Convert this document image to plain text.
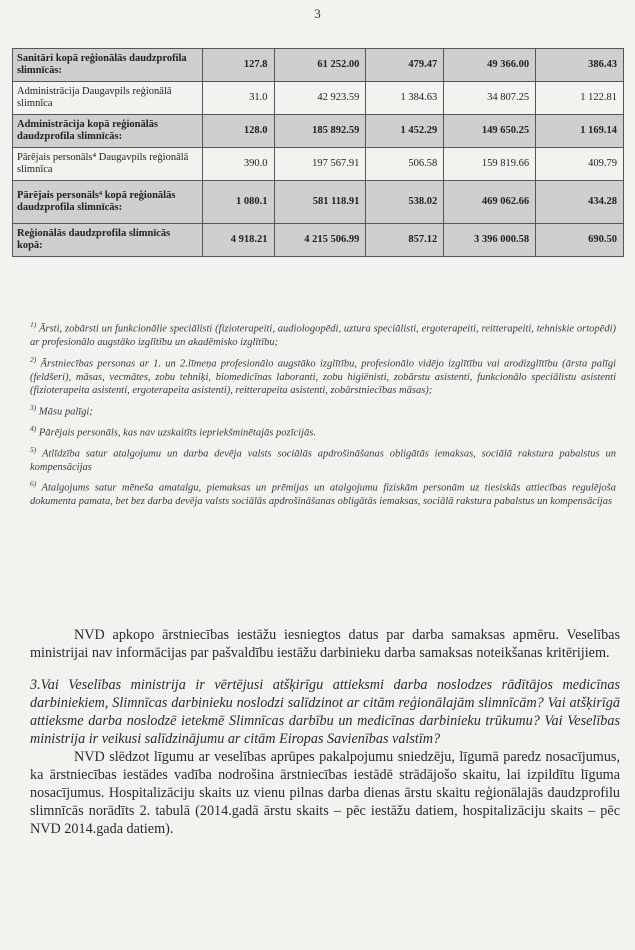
3
Sanitāri kopā reģionālās daudzprofila slimnīcās:	127.8	61 252.00	479.47	49 366.00	386.43
Administrācija Daugavpils reģionālā slimnīca	31.0	42 923.59	1 384.63	34 807.25	1 122.81
Administrācija kopā reģionālās daudzprofila slimnīcās:	128.0	185 892.59	1 452.29	149 650.25	1 169.14
Pārējais personāls⁴ Daugavpils reģionālā slimnīca	390.0	197 567.91	506.58	159 819.66	409.79
Pārējais personāls⁴ kopā reģionālās daudzprofila slimnīcās:	1 080.1	581 118.91	538.02	469 062.66	434.28
Reģionālās daudzprofila slimnīcās kopā:	4 918.21	4 215 506.99	857.12	3 396 000.58	690.50

$^{1)}$ Ārsti, zobārsti un funkcionālie speciālisti (fizioterapeiti, audiologopēdi, uztura speciālisti, ergoterapeiti, reitterapeiti, tehniskie ortopēdi) ar profesionālo augstāko izglītību un akadēmisko izglītību;

$^{2)}$ Ārstniecības personas ar 1. un 2.līmeņa profesionālo augstāko izglītību, profesionālo vidējo izglītību vai arodizglītību (ārsta palīgi (feldšeri), māsas, vecmātes, zobu tehniķi, biomedicīnas laboranti, zobu higiēnisti, zobārstu asistenti, funkcionālo speciālistu asistenti (fizioterapeita asistenti, ergoterapeita asistenti), reitterapeita asistenti, zobārstniecības māsas);

$^{3)}$ Māsu palīgi;

$^{4)}$ Pārējais personāls, kas nav uzskaitīts iepriekšminētajās pozīcijās.

$^{5)}$ Atlīdzība satur atalgojumu un darba devēja valsts sociālās apdrošināšanas obligātās iemaksas, sociālā rakstura pabalstus un kompensācijas

$^{6)}$ Atalgojums satur mēneša amatalgu, piemaksas un prēmijas un atalgojumu fiziskām personām uz tiesiskās attiecības regulējoša dokumenta pamata, bet bez darba devēja valsts sociālās apdrošināšanas obligātās iemaksas, sociālā rakstura pabalstus un kompensācijas

NVD apkopo ārstniecības iestāžu iesniegtos datus par darba samaksas apmēru. Veselības ministrijai nav informācijas par pašvaldību iestāžu darbinieku darba samaksas noteikšanas kritērijiem.

3.Vai Veselības ministrija ir vērtējusi atšķirīgu attieksmi darba noslodzes rādītājos medicīnas darbiniekiem, Slimnīcas darbinieku noslodzi salīdzinot ar citām reģionālajām slimnīcām? Vai atšķirīgā attieksme darba noslodzē ietekmē Slimnīcas darbību un medicīnas darbinieku trūkumu? Vai Veselības ministrija ir veikusi salīdzinājumu ar citām Eiropas Savienības valstīm?

NVD slēdzot līgumu ar veselības aprūpes pakalpojumu sniedzēju, līgumā paredz nosacījumus, ka ārstniecības iestādes vadība nodrošina ārstniecības iestādē strādājošo skaitu, lai izpildītu līguma nosacījumus. Hospitalizāciju skaits uz vienu pilnas darba dienas ārstu skaitu reģionālajās daudzprofilu slimnīcās norādīts 2. tabulā (2014.gadā ārstu skaits – pēc iestāžu datiem, hospitalizāciju skaits – pēc NVD 2014.gada datiem).
